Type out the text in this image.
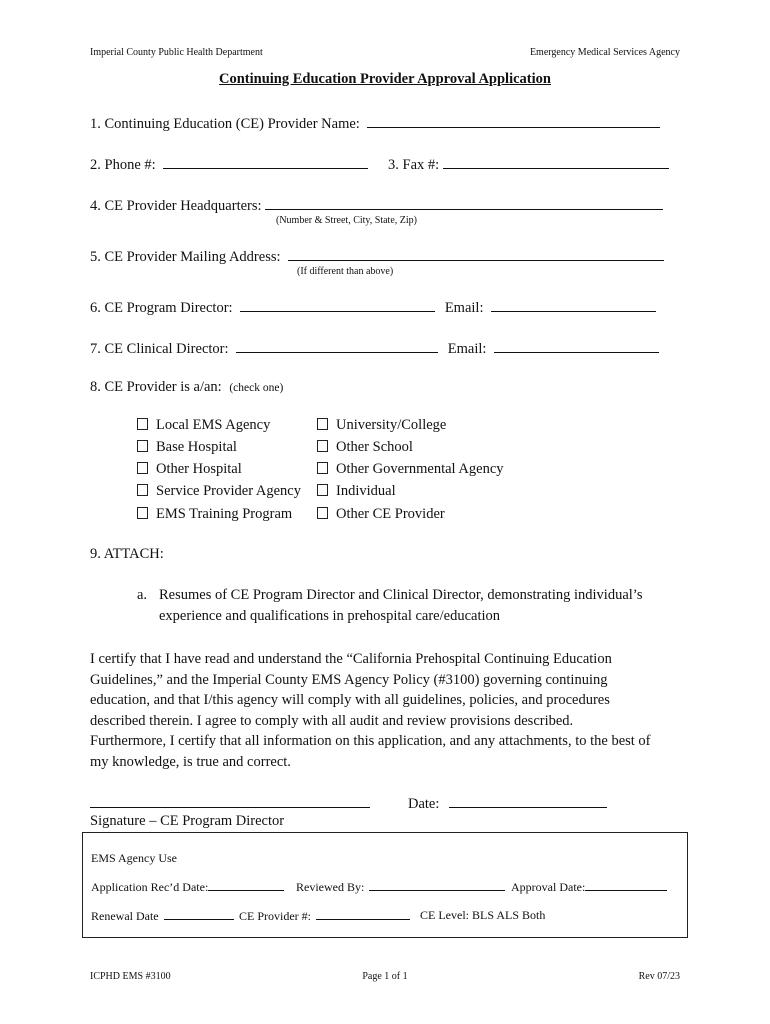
Imperial County Public Health Department	Emergency Medical Services Agency
Continuing Education Provider Approval Application
1. Continuing Education (CE) Provider Name:
2. Phone #:	3. Fax #:
4. CE Provider Headquarters:
(Number & Street, City, State, Zip)
5. CE Provider Mailing Address:
(If different than above)
6. CE Program Director:	Email:
7. CE Clinical Director:	Email:
8. CE Provider is a/an: (check one)
Local EMS Agency
Base Hospital
Other Hospital
Service Provider Agency
EMS Training Program
University/College
Other School
Other Governmental Agency
Individual
Other CE Provider
9. ATTACH:
a. Resumes of CE Program Director and Clinical Director, demonstrating individual’s
experience and qualifications in prehospital care/education
I certify that I have read and understand the “California Prehospital Continuing Education
Guidelines,” and the Imperial County EMS Agency Policy (#3100) governing continuing
education, and that I/this agency will comply with all guidelines, policies, and procedures
described therein. I agree to comply with all audit and review provisions described.
Furthermore, I certify that all information on this application, and any attachments, to the best of
my knowledge, is true and correct.
Date:
Signature – CE Program Director
EMS Agency Use
Application Rec’d Date:	Reviewed By:	Approval Date:
Renewal Date	CE Provider #:	CE Level: BLS ALS Both
ICPHD EMS #3100	Page 1 of 1	Rev 07/23
